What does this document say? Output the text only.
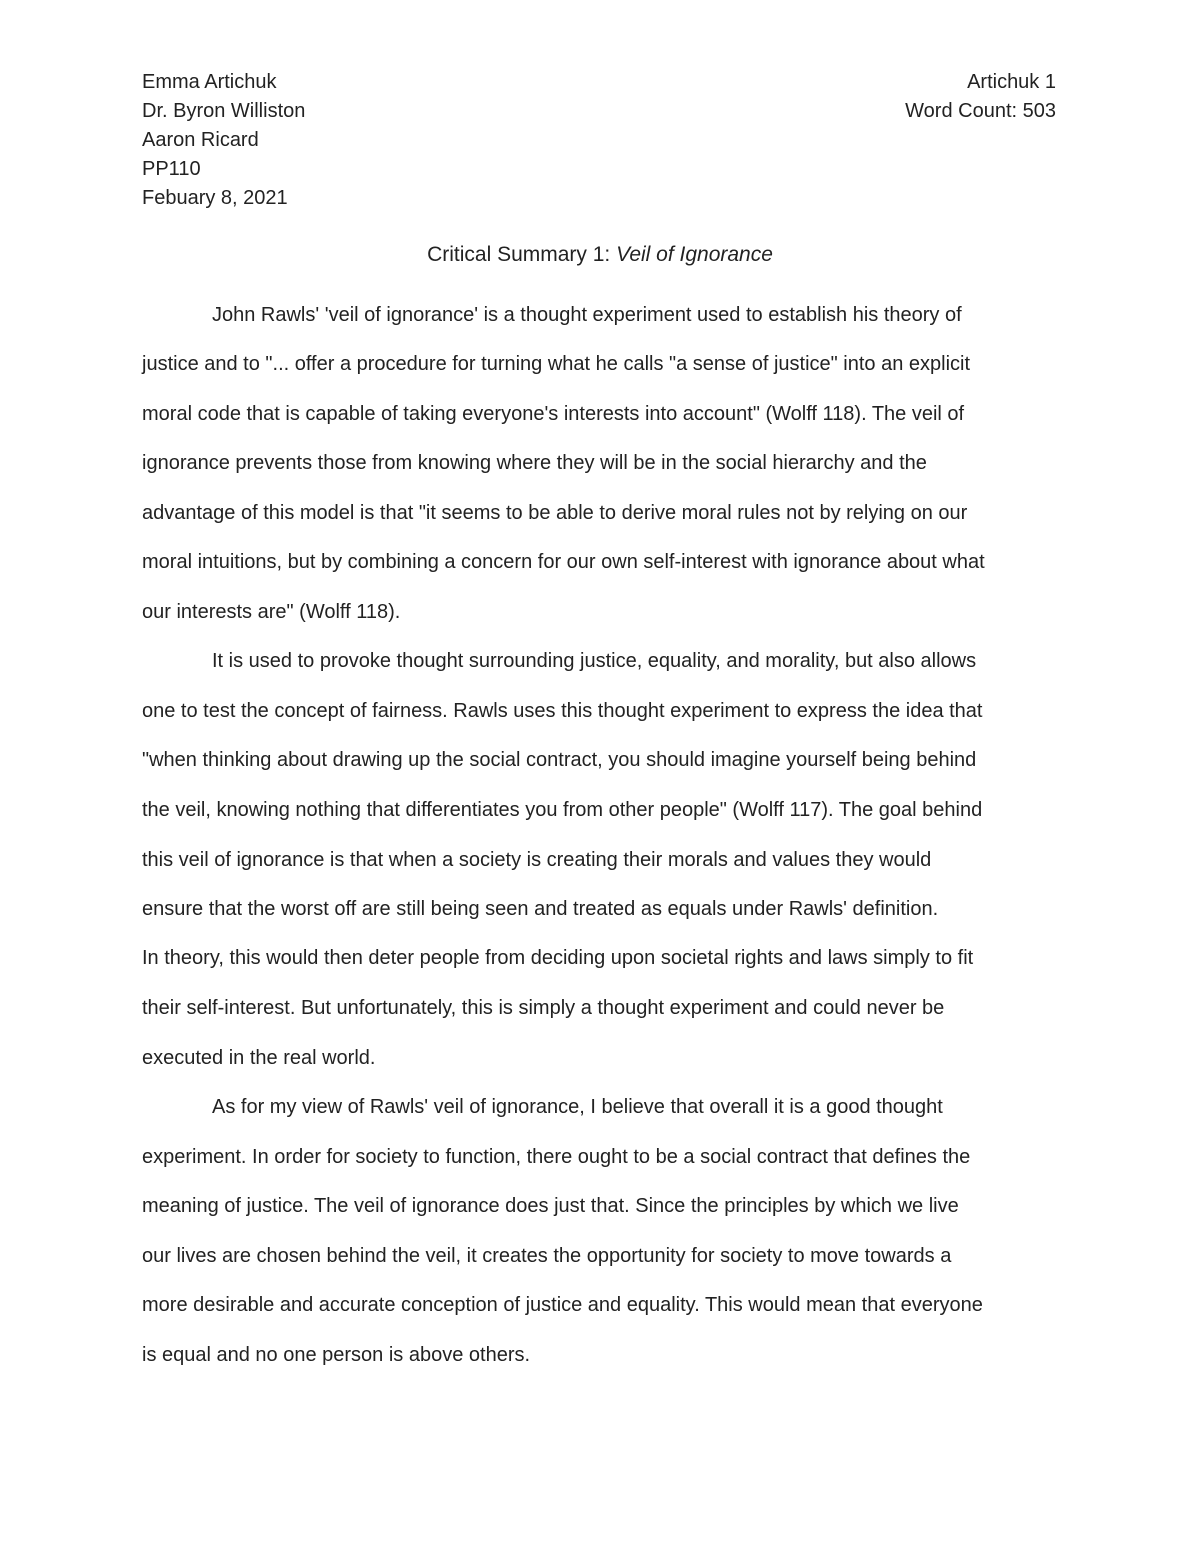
Emma Artichuk
Dr. Byron Williston
Aaron Ricard
PP110
Febuary 8, 2021
Artichuk 1
Word Count: 503
Critical Summary 1: Veil of Ignorance
John Rawls' 'veil of ignorance' is a thought experiment used to establish his theory of
justice and to "... offer a procedure for turning what he calls "a sense of justice" into an explicit
moral code that is capable of taking everyone's interests into account" (Wolff 118). The veil of
ignorance prevents those from knowing where they will be in the social hierarchy and the
advantage of this model is that "it seems to be able to derive moral rules not by relying on our
moral intuitions, but by combining a concern for our own self-interest with ignorance about what
our interests are" (Wolff 118).
It is used to provoke thought surrounding justice, equality, and morality, but also allows
one to test the concept of fairness. Rawls uses this thought experiment to express the idea that
"when thinking about drawing up the social contract, you should imagine yourself being behind
the veil, knowing nothing that differentiates you from other people" (Wolff 117). The goal behind
this veil of ignorance is that when a society is creating their morals and values they would
ensure that the worst off are still being seen and treated as equals under Rawls' definition.
In theory, this would then deter people from deciding upon societal rights and laws simply to fit
their self-interest. But unfortunately, this is simply a thought experiment and could never be
executed in the real world.
As for my view of Rawls' veil of ignorance, I believe that overall it is a good thought
experiment. In order for society to function, there ought to be a social contract that defines the
meaning of justice. The veil of ignorance does just that. Since the principles by which we live
our lives are chosen behind the veil, it creates the opportunity for society to move towards a
more desirable and accurate conception of justice and equality. This would mean that everyone
is equal and no one person is above others.
